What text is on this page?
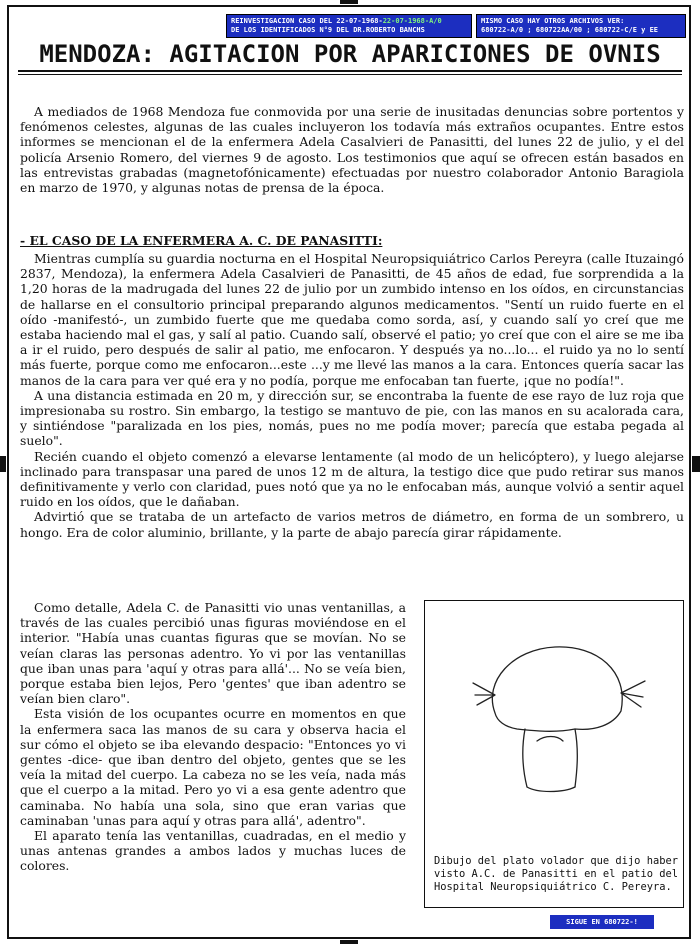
REINVESTIGACION CASO DEL 22-07-1968-22-07-1968-A/0
DE LOS IDENTIFICADOS N°9 DEL DR.ROBERTO BANCHS
MISMO CASO HAY OTROS ARCHIVOS VER:
680722-A/0 ; 680722AA/00 ; 680722-C/E y EE
MENDOZA: AGITACION POR APARICIONES DE OVNIS

A mediados de 1968 Mendoza fue conmovida por una serie de inusitadas denuncias sobre portentos y fenómenos celestes, algunas de las cuales incluyeron los todavía más extraños ocupantes. Entre estos informes se mencionan el de la enfermera Adela Casalvieri de Panasitti, del lunes 22 de julio, y el del policía Arsenio Romero, del viernes 9 de agosto. Los testimonios que aquí se ofrecen están basados en las entrevistas grabadas (magnetofónicamente) efectuadas por nuestro colaborador Antonio Baragiola en marzo de 1970, y algunas notas de prensa de la época.

- EL CASO DE LA ENFERMERA A. C. DE PANASITTI:

Mientras cumplía su guardia nocturna en el Hospital Neuropsiquiátrico Carlos Pereyra (calle Ituzaingó 2837, Mendoza), la enfermera Adela Casalvieri de Panasitti, de 45 años de edad, fue sorprendida a la 1,20 horas de la madrugada del lunes 22 de julio por un zumbido intenso en los oídos, en circunstancias de hallarse en el consultorio principal preparando algunos medicamentos. "Sentí un ruido fuerte en el oído -manifestó-, un zumbido fuerte que me quedaba como sorda, así, y cuando salí yo creí que me estaba haciendo mal el gas, y salí al patio. Cuando salí, observé el patio; yo creí que con el aire se me iba a ir el ruido, pero después de salir al patio, me enfocaron. Y después ya no...lo... el ruido ya no lo sentí más fuerte, porque como me enfocaron...este ...y me llevé las manos a la cara. Entonces quería sacar las manos de la cara para ver qué era y no podía, porque me enfocaban tan fuerte, ¡que no podía!".

A una distancia estimada en 20 m, y dirección sur, se encontraba la fuente de ese rayo de luz roja que impresionaba su rostro. Sin embargo, la testigo se mantuvo de pie, con las manos en su acalorada cara, y sintiéndose "paralizada en los pies, nomás, pues no me podía mover; parecía que estaba pegada al suelo".

Recién cuando el objeto comenzó a elevarse lentamente (al modo de un helicóptero), y luego alejarse inclinado para transpasar una pared de unos 12 m de altura, la testigo dice que pudo retirar sus manos definitivamente y verlo con claridad, pues notó que ya no le enfocaban más, aunque volvió a sentir aquel ruido en los oídos, que le dañaban.

Advirtió que se trataba de un artefacto de varios metros de diámetro, en forma de un sombrero, u hongo. Era de color aluminio, brillante, y la parte de abajo parecía girar rápidamente.

Como detalle, Adela C. de Panasitti vio unas ventanillas, a través de las cuales percibió unas figuras moviéndose en el interior. "Había unas cuantas figuras que se movían. No se veían claras las personas adentro. Yo vi por las ventanillas que iban unas para 'aquí y otras para allá'... No se veía bien, porque estaba bien lejos, Pero 'gentes' que iban adentro se veían bien claro".

Esta visión de los ocupantes ocurre en momentos en que la enfermera saca las manos de su cara y observa hacia el sur cómo el objeto se iba elevando despacio: "Entonces yo vi gentes -dice- que iban dentro del objeto, gentes que se les veía la mitad del cuerpo. La cabeza no se les veía, nada más que el cuerpo a la mitad. Pero yo vi a esa gente adentro que caminaba. No había una sola, sino que eran varias que caminaban 'unas para aquí y otras para allá', adentro".

El aparato tenía las ventanillas, cuadradas, en el medio y unas antenas grandes a ambos lados y muchas luces de colores.	Dibujo del plato volador que dijo haber visto A.C. de Panasitti en el patio del Hospital Neuropsiquiátrico C. Pereyra.

SIGUE EN 680722-!
